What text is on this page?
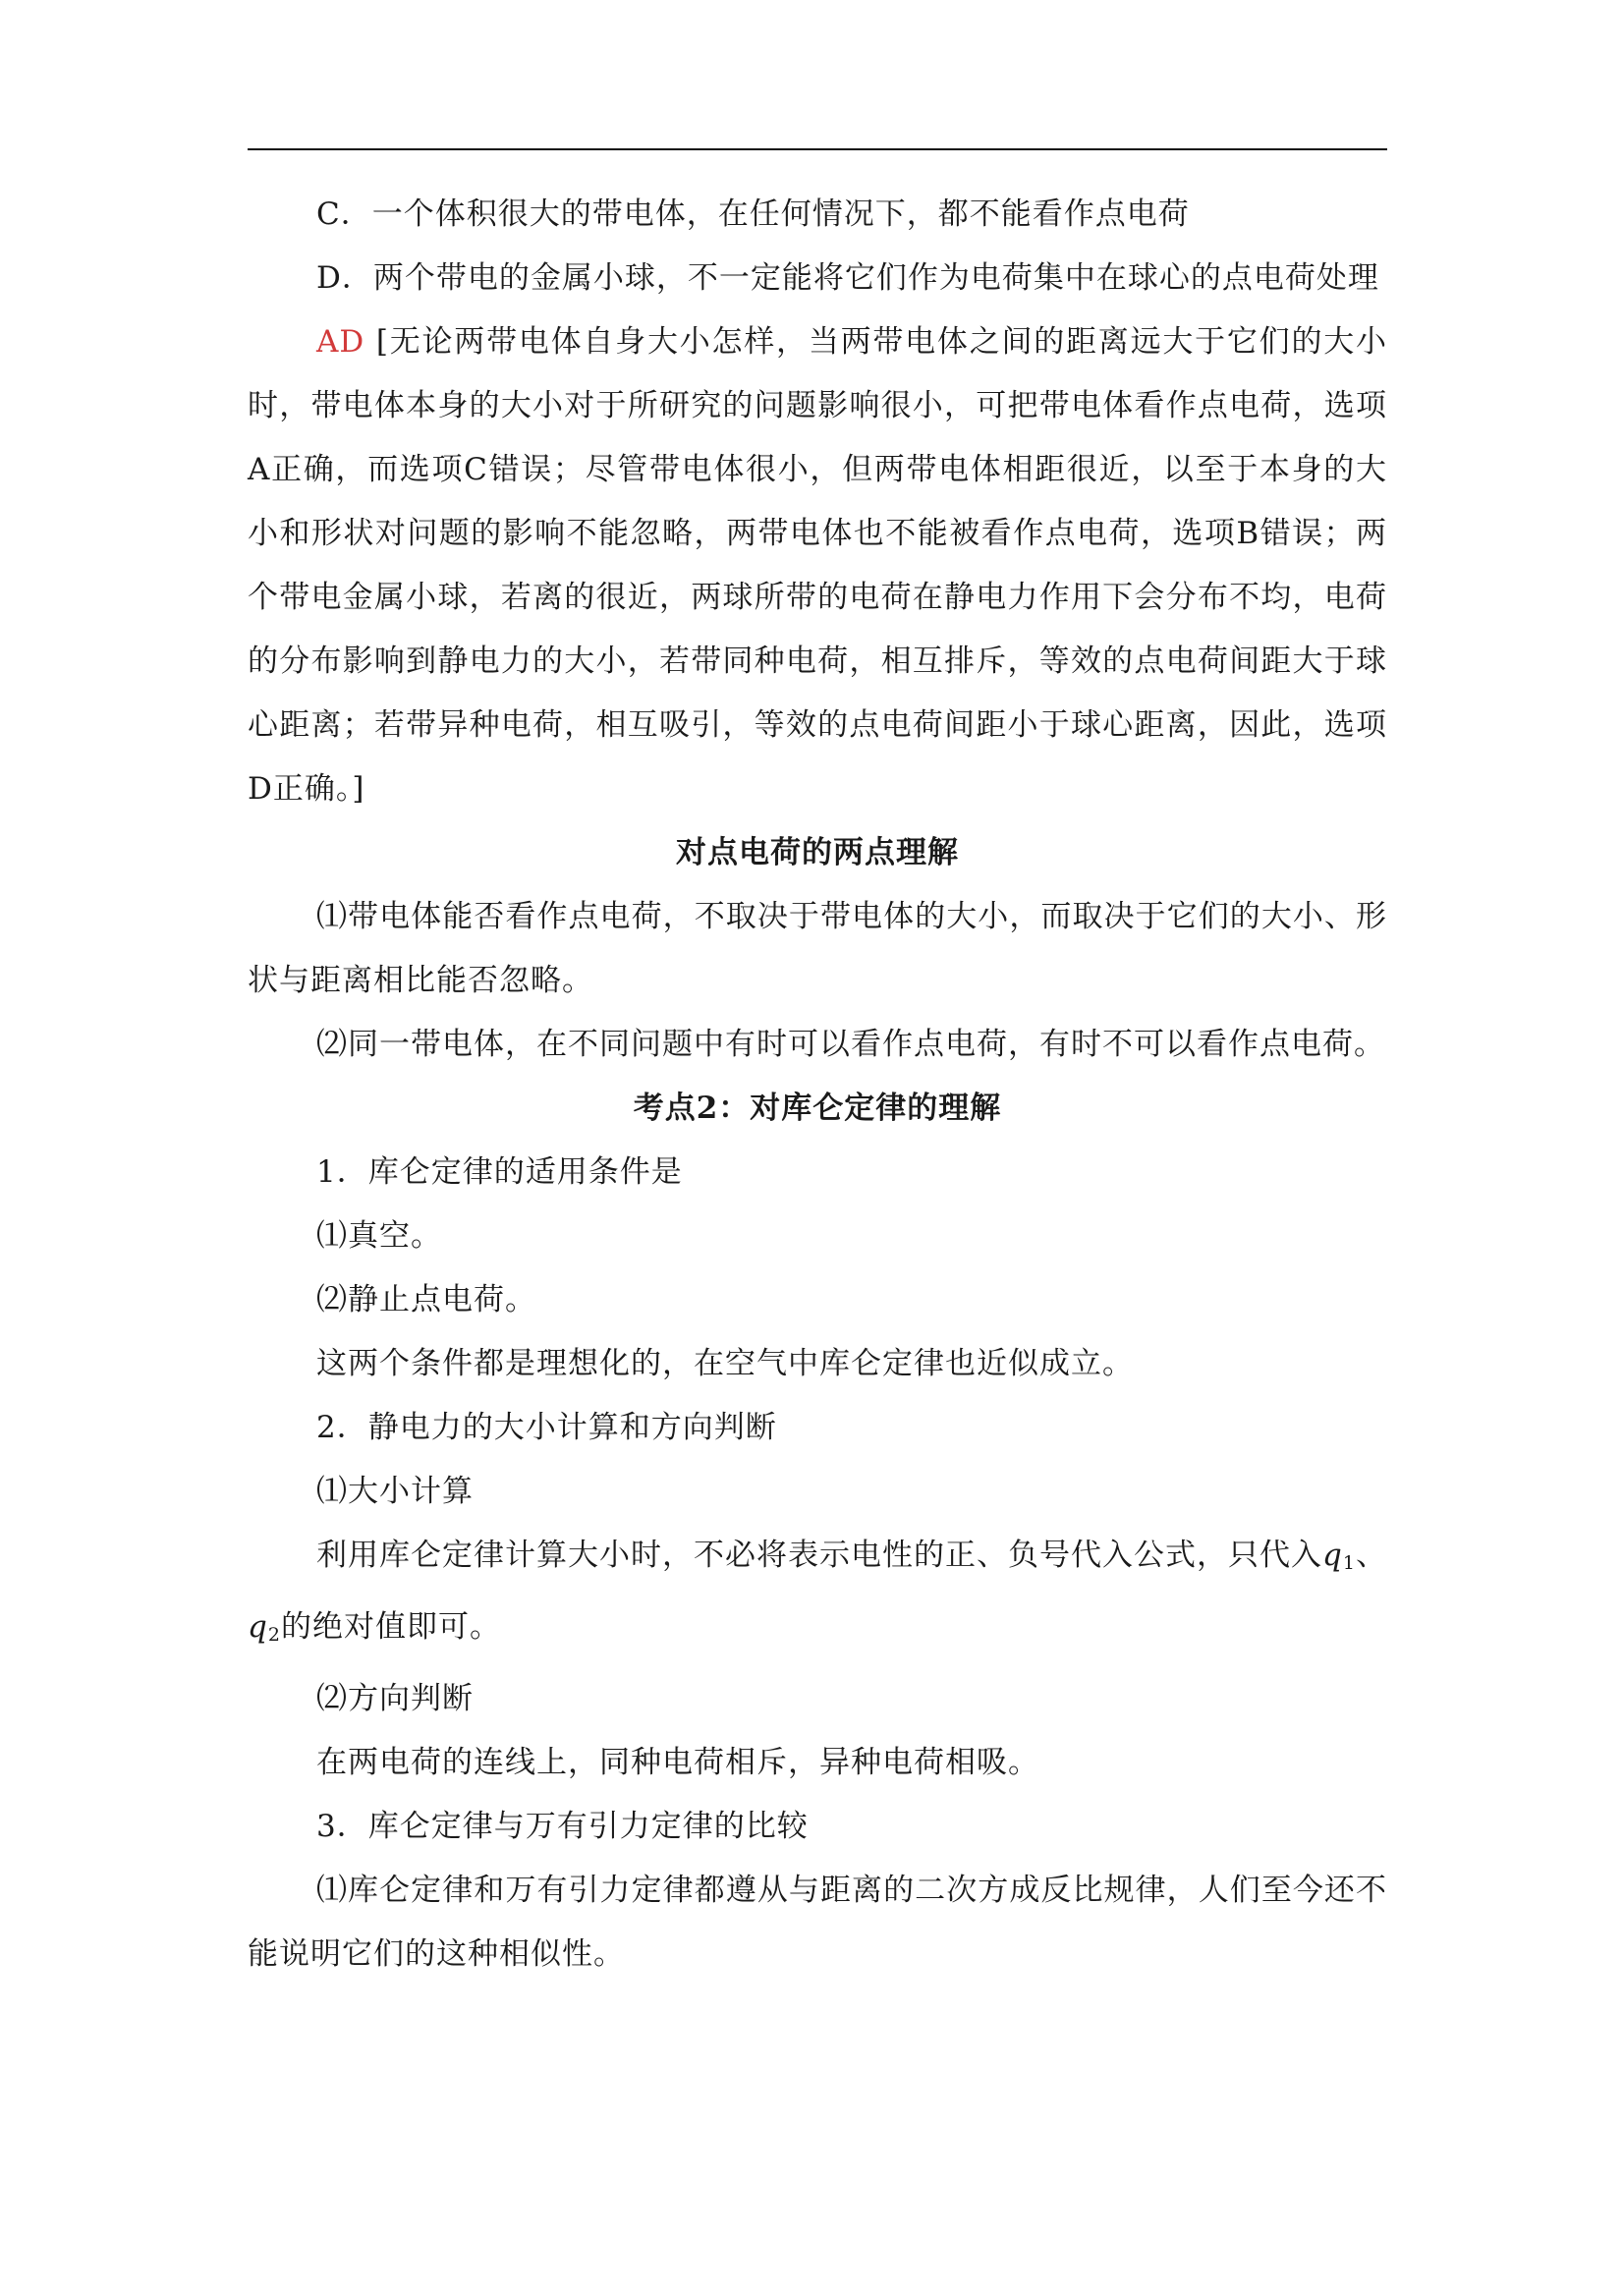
C．一个体积很大的带电体，在任何情况下，都不能看作点电荷

D．两个带电的金属小球，不一定能将它们作为电荷集中在球心的点电荷处理

AD [无论两带电体自身大小怎样，当两带电体之间的距离远大于它们的大小时，带电体本身的大小对于所研究的问题影响很小，可把带电体看作点电荷，选项A正确，而选项C错误；尽管带电体很小，但两带电体相距很近，以至于本身的大小和形状对问题的影响不能忽略，两带电体也不能被看作点电荷，选项B错误；两个带电金属小球，若离的很近，两球所带的电荷在静电力作用下会分布不均，电荷的分布影响到静电力的大小，若带同种电荷，相互排斥，等效的点电荷间距大于球心距离；若带异种电荷，相互吸引，等效的点电荷间距小于球心距离，因此，选项D正确。]

对点电荷的两点理解

⑴带电体能否看作点电荷，不取决于带电体的大小，而取决于它们的大小、形状与距离相比能否忽略。

⑵同一带电体，在不同问题中有时可以看作点电荷，有时不可以看作点电荷。

考点2：对库仑定律的理解

1．库仑定律的适用条件是

⑴真空。

⑵静止点电荷。

这两个条件都是理想化的，在空气中库仑定律也近似成立。

2．静电力的大小计算和方向判断

⑴大小计算

利用库仑定律计算大小时，不必将表示电性的正、负号代入公式，只代入$q_1$、$q_2$的绝对值即可。

⑵方向判断

在两电荷的连线上，同种电荷相斥，异种电荷相吸。

3．库仑定律与万有引力定律的比较

⑴库仑定律和万有引力定律都遵从与距离的二次方成反比规律，人们至今还不能说明它们的这种相似性。
